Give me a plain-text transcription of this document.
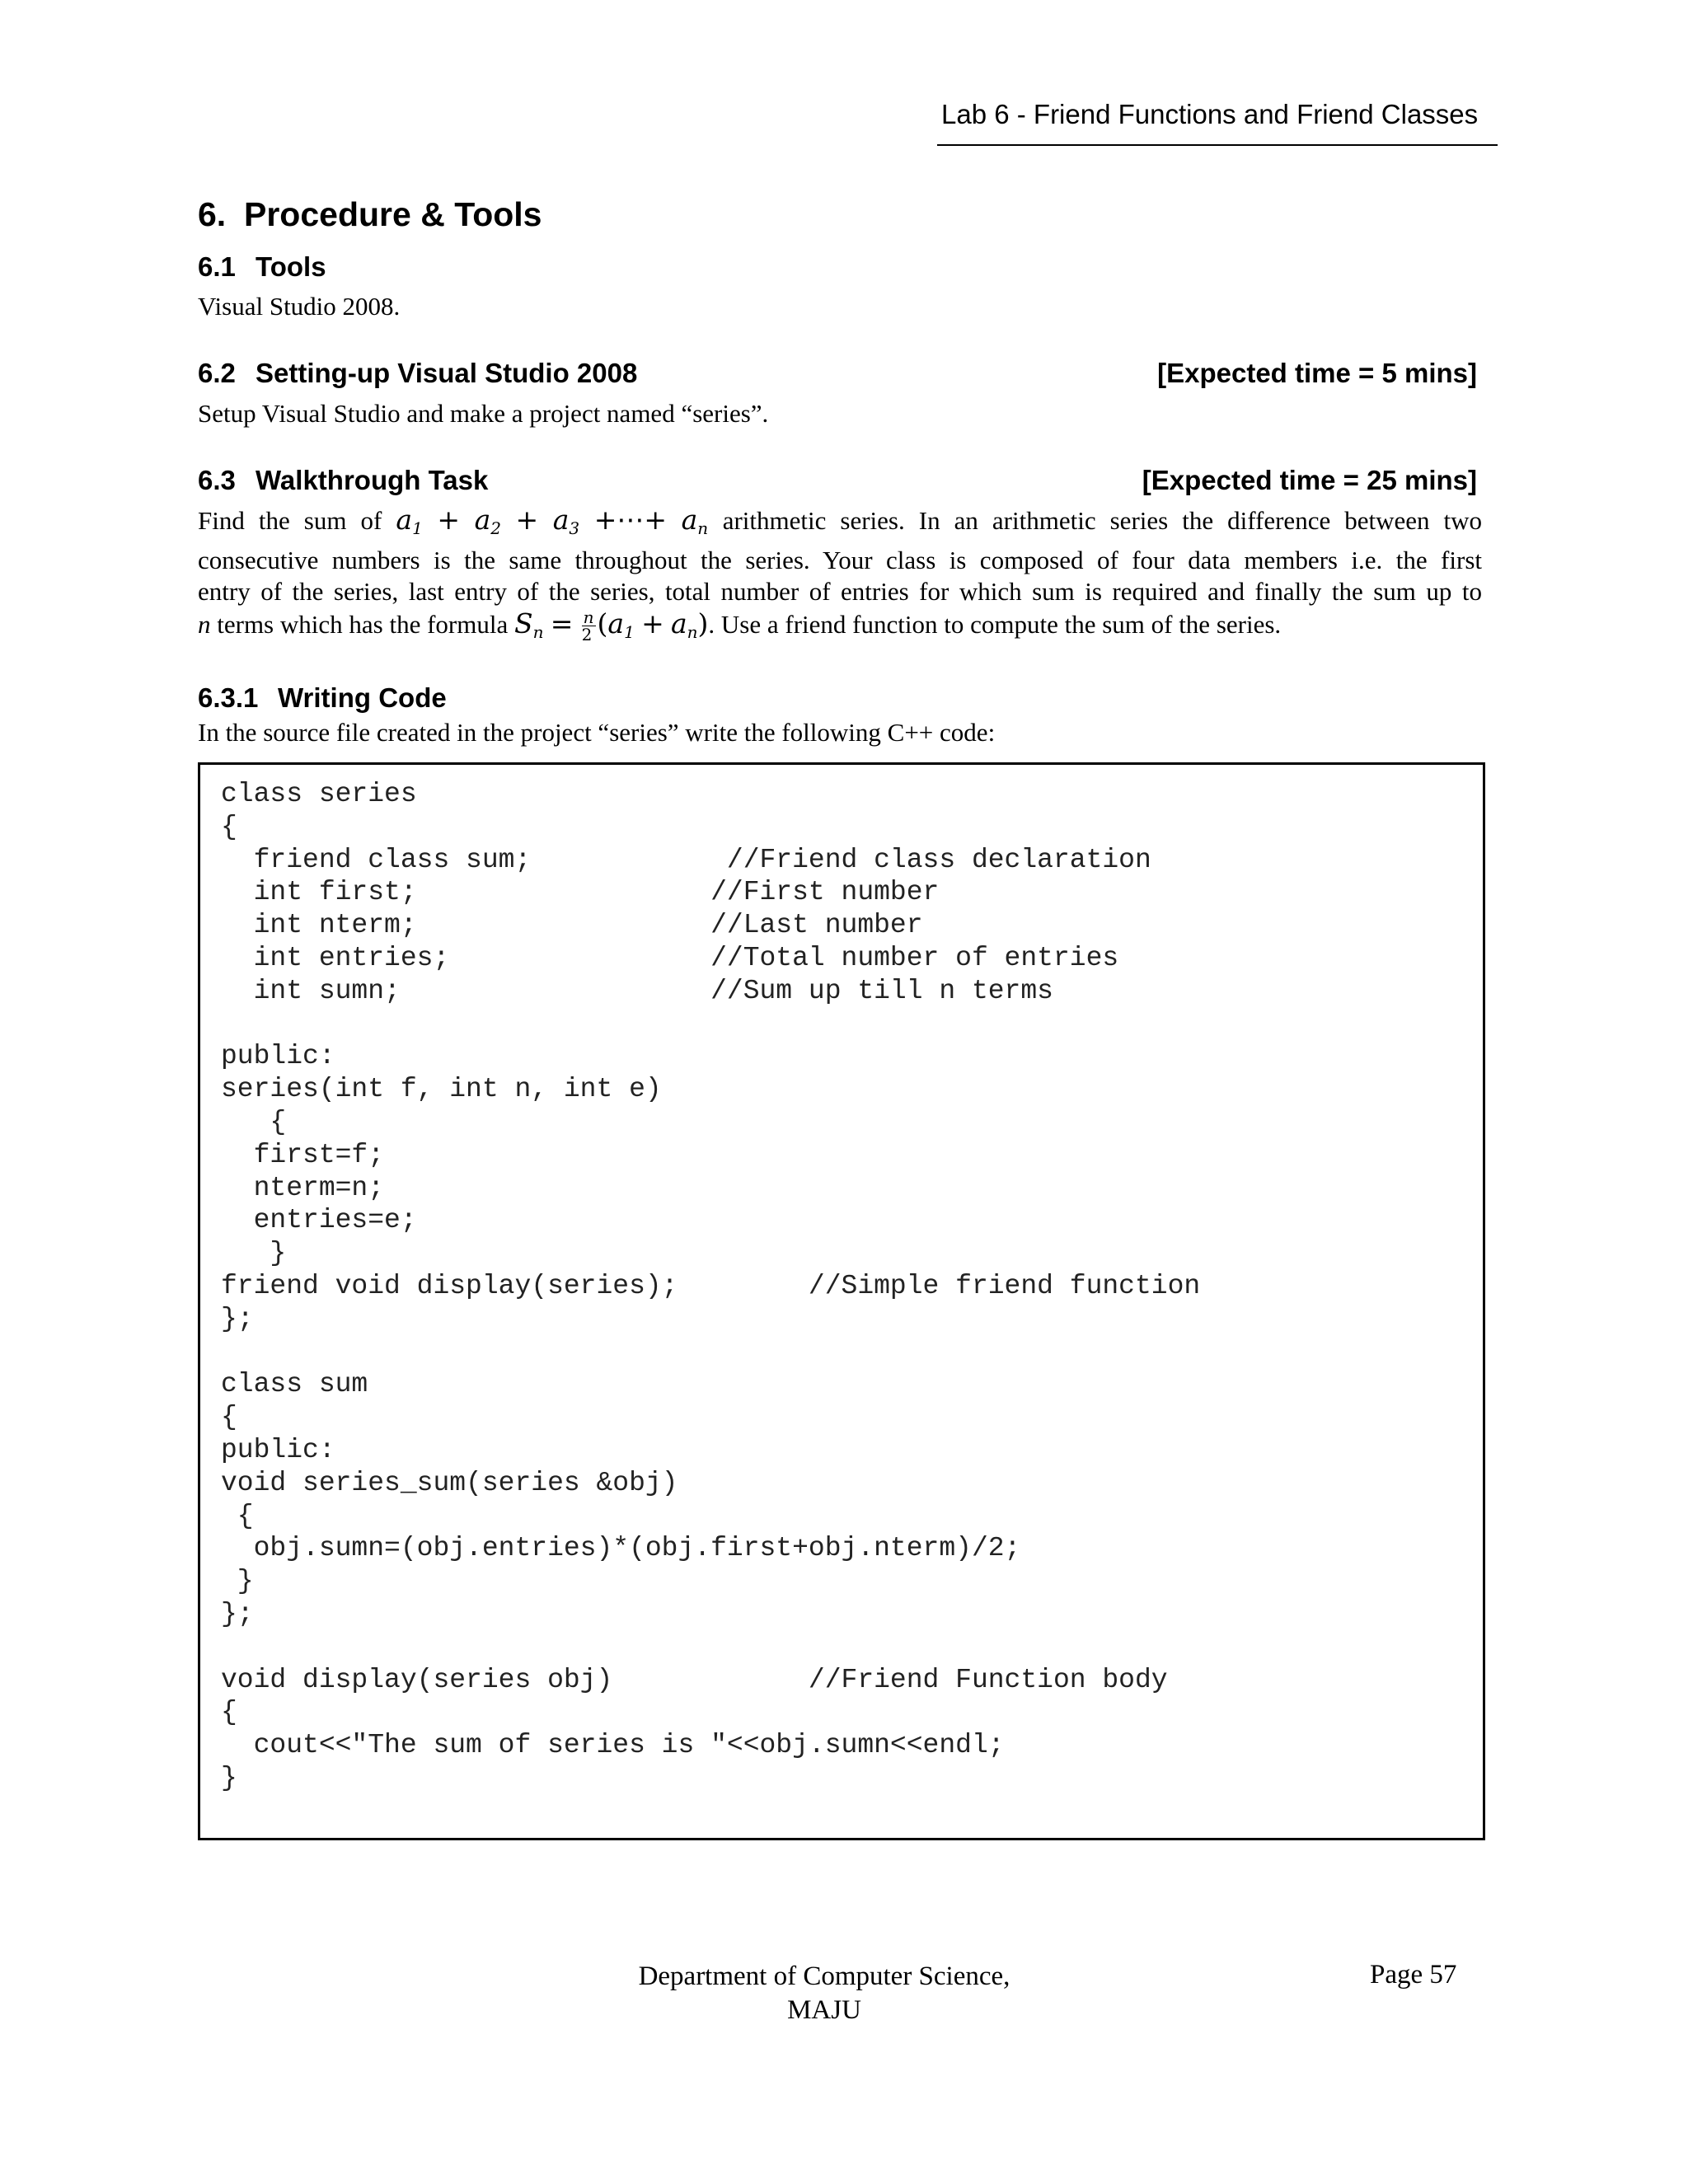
Lab 6 - Friend Functions and Friend Classes
6. Procedure & Tools
6.1 Tools
Visual Studio 2008.
6.2 Setting-up Visual Studio 2008	[Expected time = 5 mins]
Setup Visual Studio and make a project named “series”.
6.3 Walkthrough Task	[Expected time = 25 mins]
Find the sum of $a_1 + a_2 + a_3$ +⋯+ $a_n$ arithmetic series. In an arithmetic series the difference between two
consecutive numbers is the same throughout the series. Your class is composed of four data members i.e. the first
entry of the series, last entry of the series, total number of entries for which sum is required and finally the sum up to
n terms which has the formula $S_n = \frac{n}{2} (a_1 + a_n)$. Use a friend function to compute the sum of the series.
6.3.1 Writing Code
In the source file created in the project “series” write the following C++ code:
class series
{
friend class sum;            //Friend class declaration
int first;                  //First number
int nterm;                  //Last number
int entries;                //Total number of entries
int sumn;                   //Sum up till n terms

public:
series(int f, int n, int e)
{
first=f;
nterm=n;
entries=e;
}
friend void display(series);        //Simple friend function
};

class sum
{
public:
void series_sum(series &obj)
{
obj.sumn=(obj.entries)*(obj.first+obj.nterm)/2;
}
};

void display(series obj)            //Friend Function body
{
cout<<"The sum of series is "<<obj.sumn<<endl;
}
Department of Computer Science,
MAJU
Page 57
